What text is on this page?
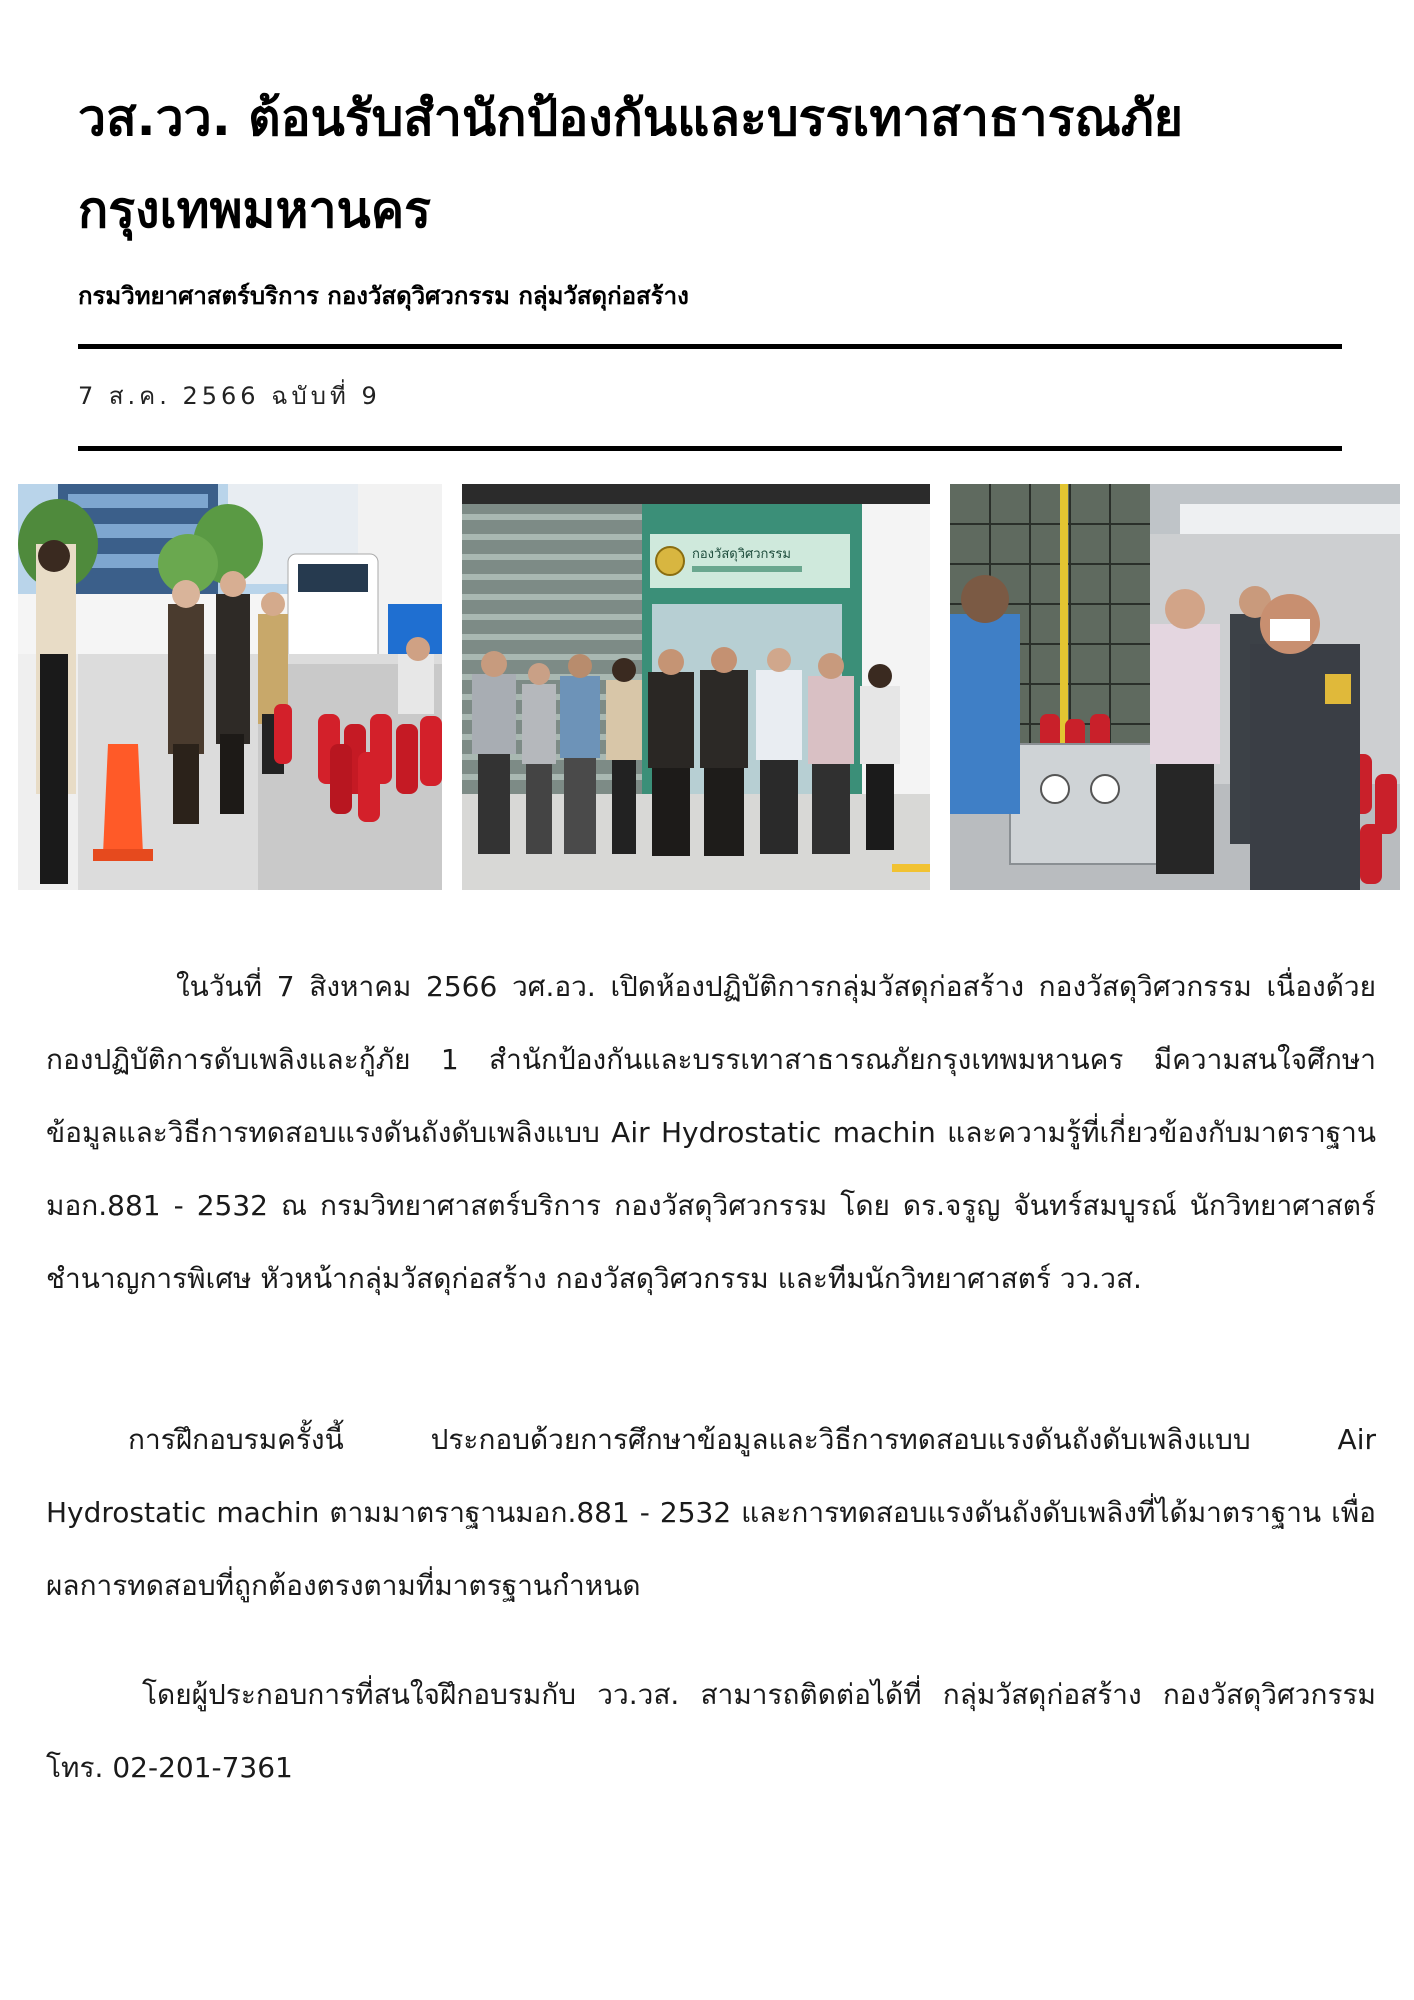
วส.วว. ต้อนรับสำนักป้องกันและบรรเทาสาธารณภัย กรุงเทพมหานคร

กรมวิทยาศาสตร์บริการ กองวัสดุวิศวกรรม กลุ่มวัสดุก่อสร้าง

7 ส.ค. 2566 ฉบับที่ 9
กองวัสดุวิศวกรรม

ในวันที่ 7 สิงหาคม 2566 วศ.อว. เปิดห้องปฏิบัติการกลุ่มวัสดุก่อสร้าง กองวัสดุวิศวกรรม เนื่องด้วยกองปฏิบัติการดับเพลิงและกู้ภัย 1 สำนักป้องกันและบรรเทาสาธารณภัยกรุงเทพมหานคร มีความสนใจศึกษาข้อมูลและวิธีการทดสอบแรงดันถังดับเพลิงแบบ Air Hydrostatic machin และความรู้ที่เกี่ยวข้องกับมาตราฐาน มอก.881 - 2532 ณ กรมวิทยาศาสตร์บริการ กองวัสดุวิศวกรรม โดย ดร.จรูญ จันทร์สมบูรณ์ นักวิทยาศาสตร์ชำนาญการพิเศษ หัวหน้ากลุ่มวัสดุก่อสร้าง กองวัสดุวิศวกรรม และทีมนักวิทยาศาสตร์ วว.วส.

การฝึกอบรมครั้งนี้ ประกอบด้วยการศึกษาข้อมูลและวิธีการทดสอบแรงดันถังดับเพลิงแบบ Air Hydrostatic machin ตามมาตราฐานมอก.881 - 2532 และการทดสอบแรงดันถังดับเพลิงที่ได้มาตราฐาน เพื่อผลการทดสอบที่ถูกต้องตรงตามที่มาตรฐานกำหนด

โดยผู้ประกอบการที่สนใจฝึกอบรมกับ วว.วส. สามารถติดต่อได้ที่ กลุ่มวัสดุก่อสร้าง กองวัสดุวิศวกรรม โทร. 02-201-7361
